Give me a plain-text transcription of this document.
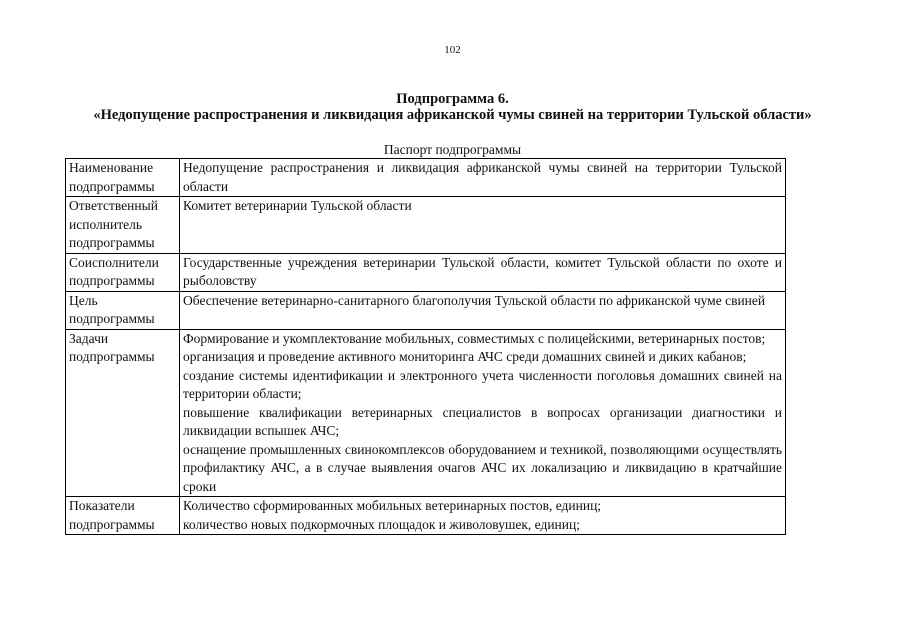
102
Подпрограмма 6.
«Недопущение распространения и ликвидация африканской чумы свиней на территории Тульской области»
Паспорт подпрограммы
Наименование подпрограммы	Недопущение распространения и ликвидация африканской чумы свиней на территории Тульской области

Ответственный исполнитель подпрограммы	Комитет ветеринарии Тульской области

Соисполнители подпрограммы	Государственные учреждения ветеринарии Тульской области, комитет Тульской области по охоте и рыболовству

Цель подпрограммы	Обеспечение ветеринарно-санитарного благополучия Тульской области по африканской чуме свиней

Задачи подпрограммы	Формирование и укомплектование мобильных, совместимых с полицейскими, ветеринарных постов;

организация и проведение активного мониторинга АЧС среди домашних свиней и диких кабанов;

создание системы идентификации и электронного учета численности поголовья домашних свиней на территории области;

повышение квалификации ветеринарных специалистов в вопросах организации диагностики и ликвидации вспышек АЧС;

оснащение промышленных свинокомплексов оборудованием и техникой, позволяющими осуществлять профилактику АЧС, а в случае выявления очагов АЧС их локализацию и ликвидацию в кратчайшие сроки

Показатели подпрограммы	Количество сформированных мобильных ветеринарных постов, единиц;

количество новых подкормочных площадок и живоловушек, единиц;
